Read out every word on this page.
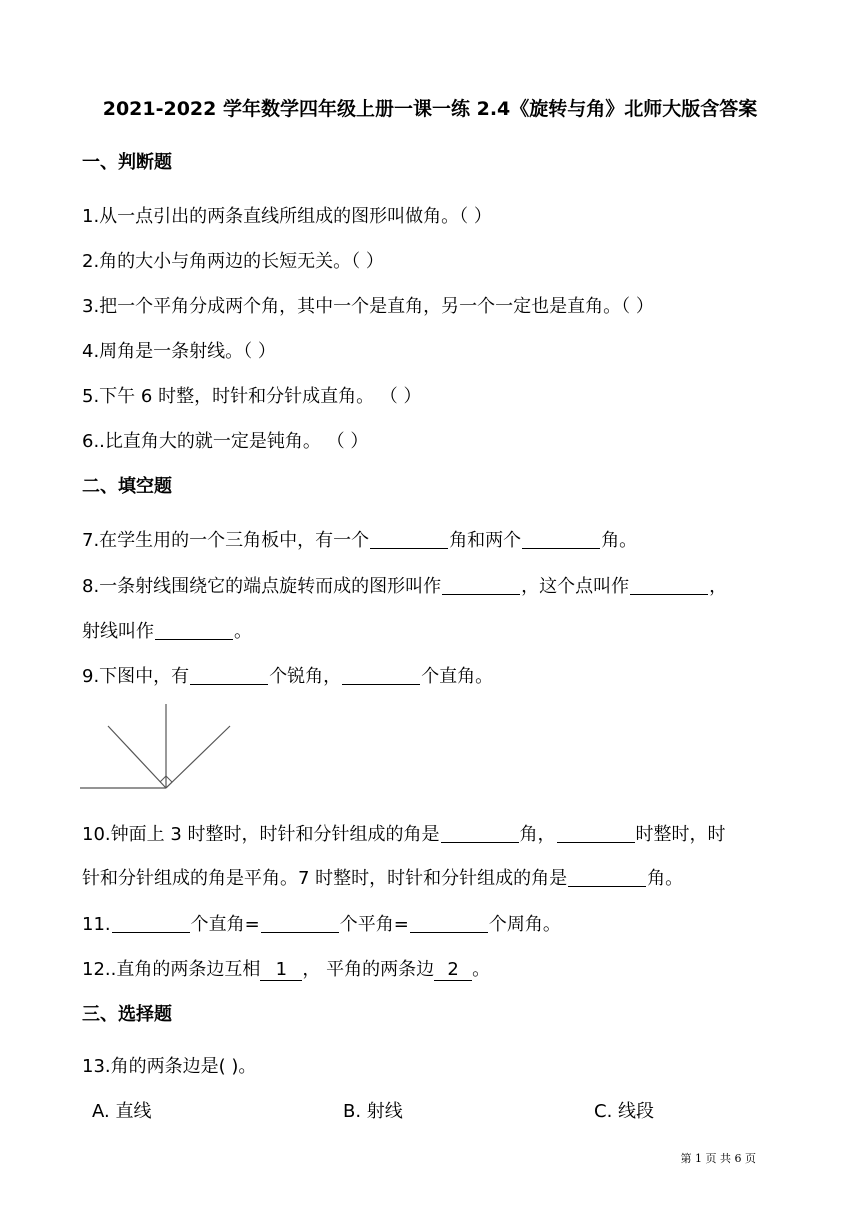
2021-2022 学年数学四年级上册一课一练 2.4《旋转与角》北师大版含答案
一、判断题
1.从一点引出的两条直线所组成的图形叫做角。（ ）
2.角的大小与角两边的长短无关。（ ）
3.把一个平角分成两个角，其中一个是直角，另一个一定也是直角。（ ）
4.周角是一条射线。（ ）
5.下午 6 时整，时针和分针成直角。 （ ）
6..比直角大的就一定是钝角。 （ ）
二、填空题
7.在学生用的一个三角板中，有一个	角和两个	角。
8.一条射线围绕它的端点旋转而成的图形叫作	，这个点叫作	，
射线叫作	。
9.下图中，有	个锐角，	个直角。
10.钟面上 3 时整时，时针和分针组成的角是	角，	时整时，时
针和分针组成的角是平角。7 时整时，时针和分针组成的角是	角。
11.	个直角=	个平角=	个周角。
12..直角的两条边互相 1 ， 平角的两条边 2 。
三、选择题
13.角的两条边是( )。
A. 直线	B. 射线	C. 线段
第 1 页 共 6 页
